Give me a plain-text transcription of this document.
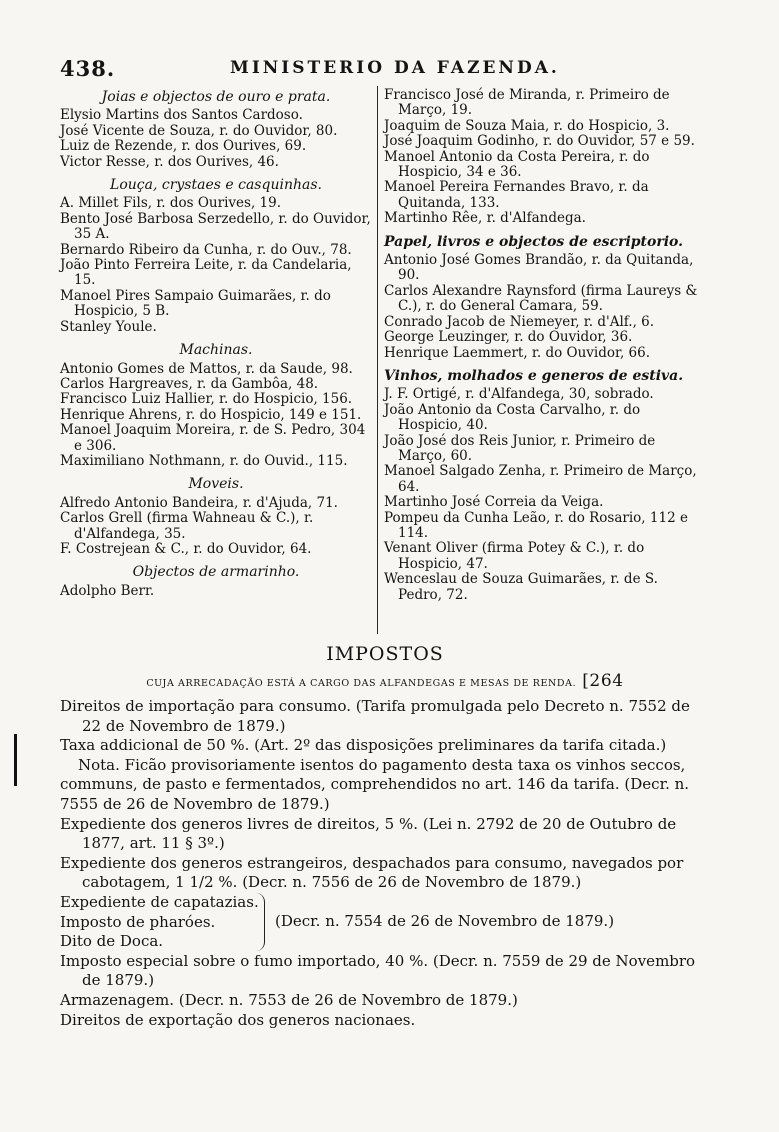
438.	MINISTERIO DA FAZENDA.
Joias e objectos de ouro e prata.

Elysio Martins dos Santos Cardoso.

José Vicente de Souza, r. do Ouvidor, 80.

Luiz de Rezende, r. dos Ourives, 69.

Victor Resse, r. dos Ourives, 46.

Louça, crystaes e casquinhas.

A. Millet Fils, r. dos Ourives, 19.

Bento José Barbosa Serzedello, r. do Ouvidor, 35 A.

Bernardo Ribeiro da Cunha, r. do Ouv., 78.

João Pinto Ferreira Leite, r. da Candelaria, 15.

Manoel Pires Sampaio Guimarães, r. do Hospicio, 5 B.

Stanley Youle.

Machinas.

Antonio Gomes de Mattos, r. da Saude, 98.

Carlos Hargreaves, r. da Gambôa, 48.

Francisco Luiz Hallier, r. do Hospicio, 156.

Henrique Ahrens, r. do Hospicio, 149 e 151.

Manoel Joaquim Moreira, r. de S. Pedro, 304 e 306.

Maximiliano Nothmann, r. do Ouvid., 115.

Moveis.

Alfredo Antonio Bandeira, r. d'Ajuda, 71.

Carlos Grell (firma Wahneau & C.), r. d'Alfandega, 35.

F. Costrejean & C., r. do Ouvidor, 64.

Objectos de armarinho.

Adolpho Berr.

Francisco José de Miranda, r. Primeiro de Março, 19.

Joaquim de Souza Maia, r. do Hospicio, 3.

José Joaquim Godinho, r. do Ouvidor, 57 e 59.

Manoel Antonio da Costa Pereira, r. do Hospicio, 34 e 36.

Manoel Pereira Fernandes Bravo, r. da Quitanda, 133.

Martinho Rêe, r. d'Alfandega.

Papel, livros e objectos de escriptorio.

Antonio José Gomes Brandão, r. da Quitanda, 90.

Carlos Alexandre Raynsford (firma Laureys & C.), r. do General Camara, 59.

Conrado Jacob de Niemeyer, r. d'Alf., 6.

George Leuzinger, r. do Ouvidor, 36.

Henrique Laemmert, r. do Ouvidor, 66.

Vinhos, molhados e generos de estiva.

J. F. Ortigé, r. d'Alfandega, 30, sobrado.

João Antonio da Costa Carvalho, r. do Hospicio, 40.

João José dos Reis Junior, r. Primeiro de Março, 60.

Manoel Salgado Zenha, r. Primeiro de Março, 64.

Martinho José Correia da Veiga.

Pompeu da Cunha Leão, r. do Rosario, 112 e 114.

Venant Oliver (firma Potey & C.), r. do Hospicio, 47.

Wenceslau de Souza Guimarães, r. de S. Pedro, 72.

IMPOSTOS
CUJA ARRECADAÇÃO ESTÁ A CARGO DAS ALFANDEGAS E MESAS DE RENDA. [264

Direitos de importação para consumo. (Tarifa promulgada pelo Decreto n. 7552 de 22 de Novembro de 1879.)

Taxa addicional de 50 %. (Art. 2º das disposições preliminares da tarifa citada.)

Nota. Ficão provisoriamente isentos do pagamento desta taxa os vinhos seccos, communs, de pasto e fermentados, comprehendidos no art. 146 da tarifa. (Decr. n. 7555 de 26 de Novembro de 1879.)

Expediente dos generos livres de direitos, 5 %. (Lei n. 2792 de 20 de Outubro de 1877, art. 11 § 3º.)

Expediente dos generos estrangeiros, despachados para consumo, navegados por cabotagem, 1 1/2 %. (Decr. n. 7556 de 26 de Novembro de 1879.)

Expediente de capatazias.
Imposto de pharóes.
Dito de Doca.
(Decr. n. 7554 de 26 de Novembro de 1879.)

Imposto especial sobre o fumo importado, 40 %. (Decr. n. 7559 de 29 de Novembro de 1879.)

Armazenagem. (Decr. n. 7553 de 26 de Novembro de 1879.)

Direitos de exportação dos generos nacionaes.
